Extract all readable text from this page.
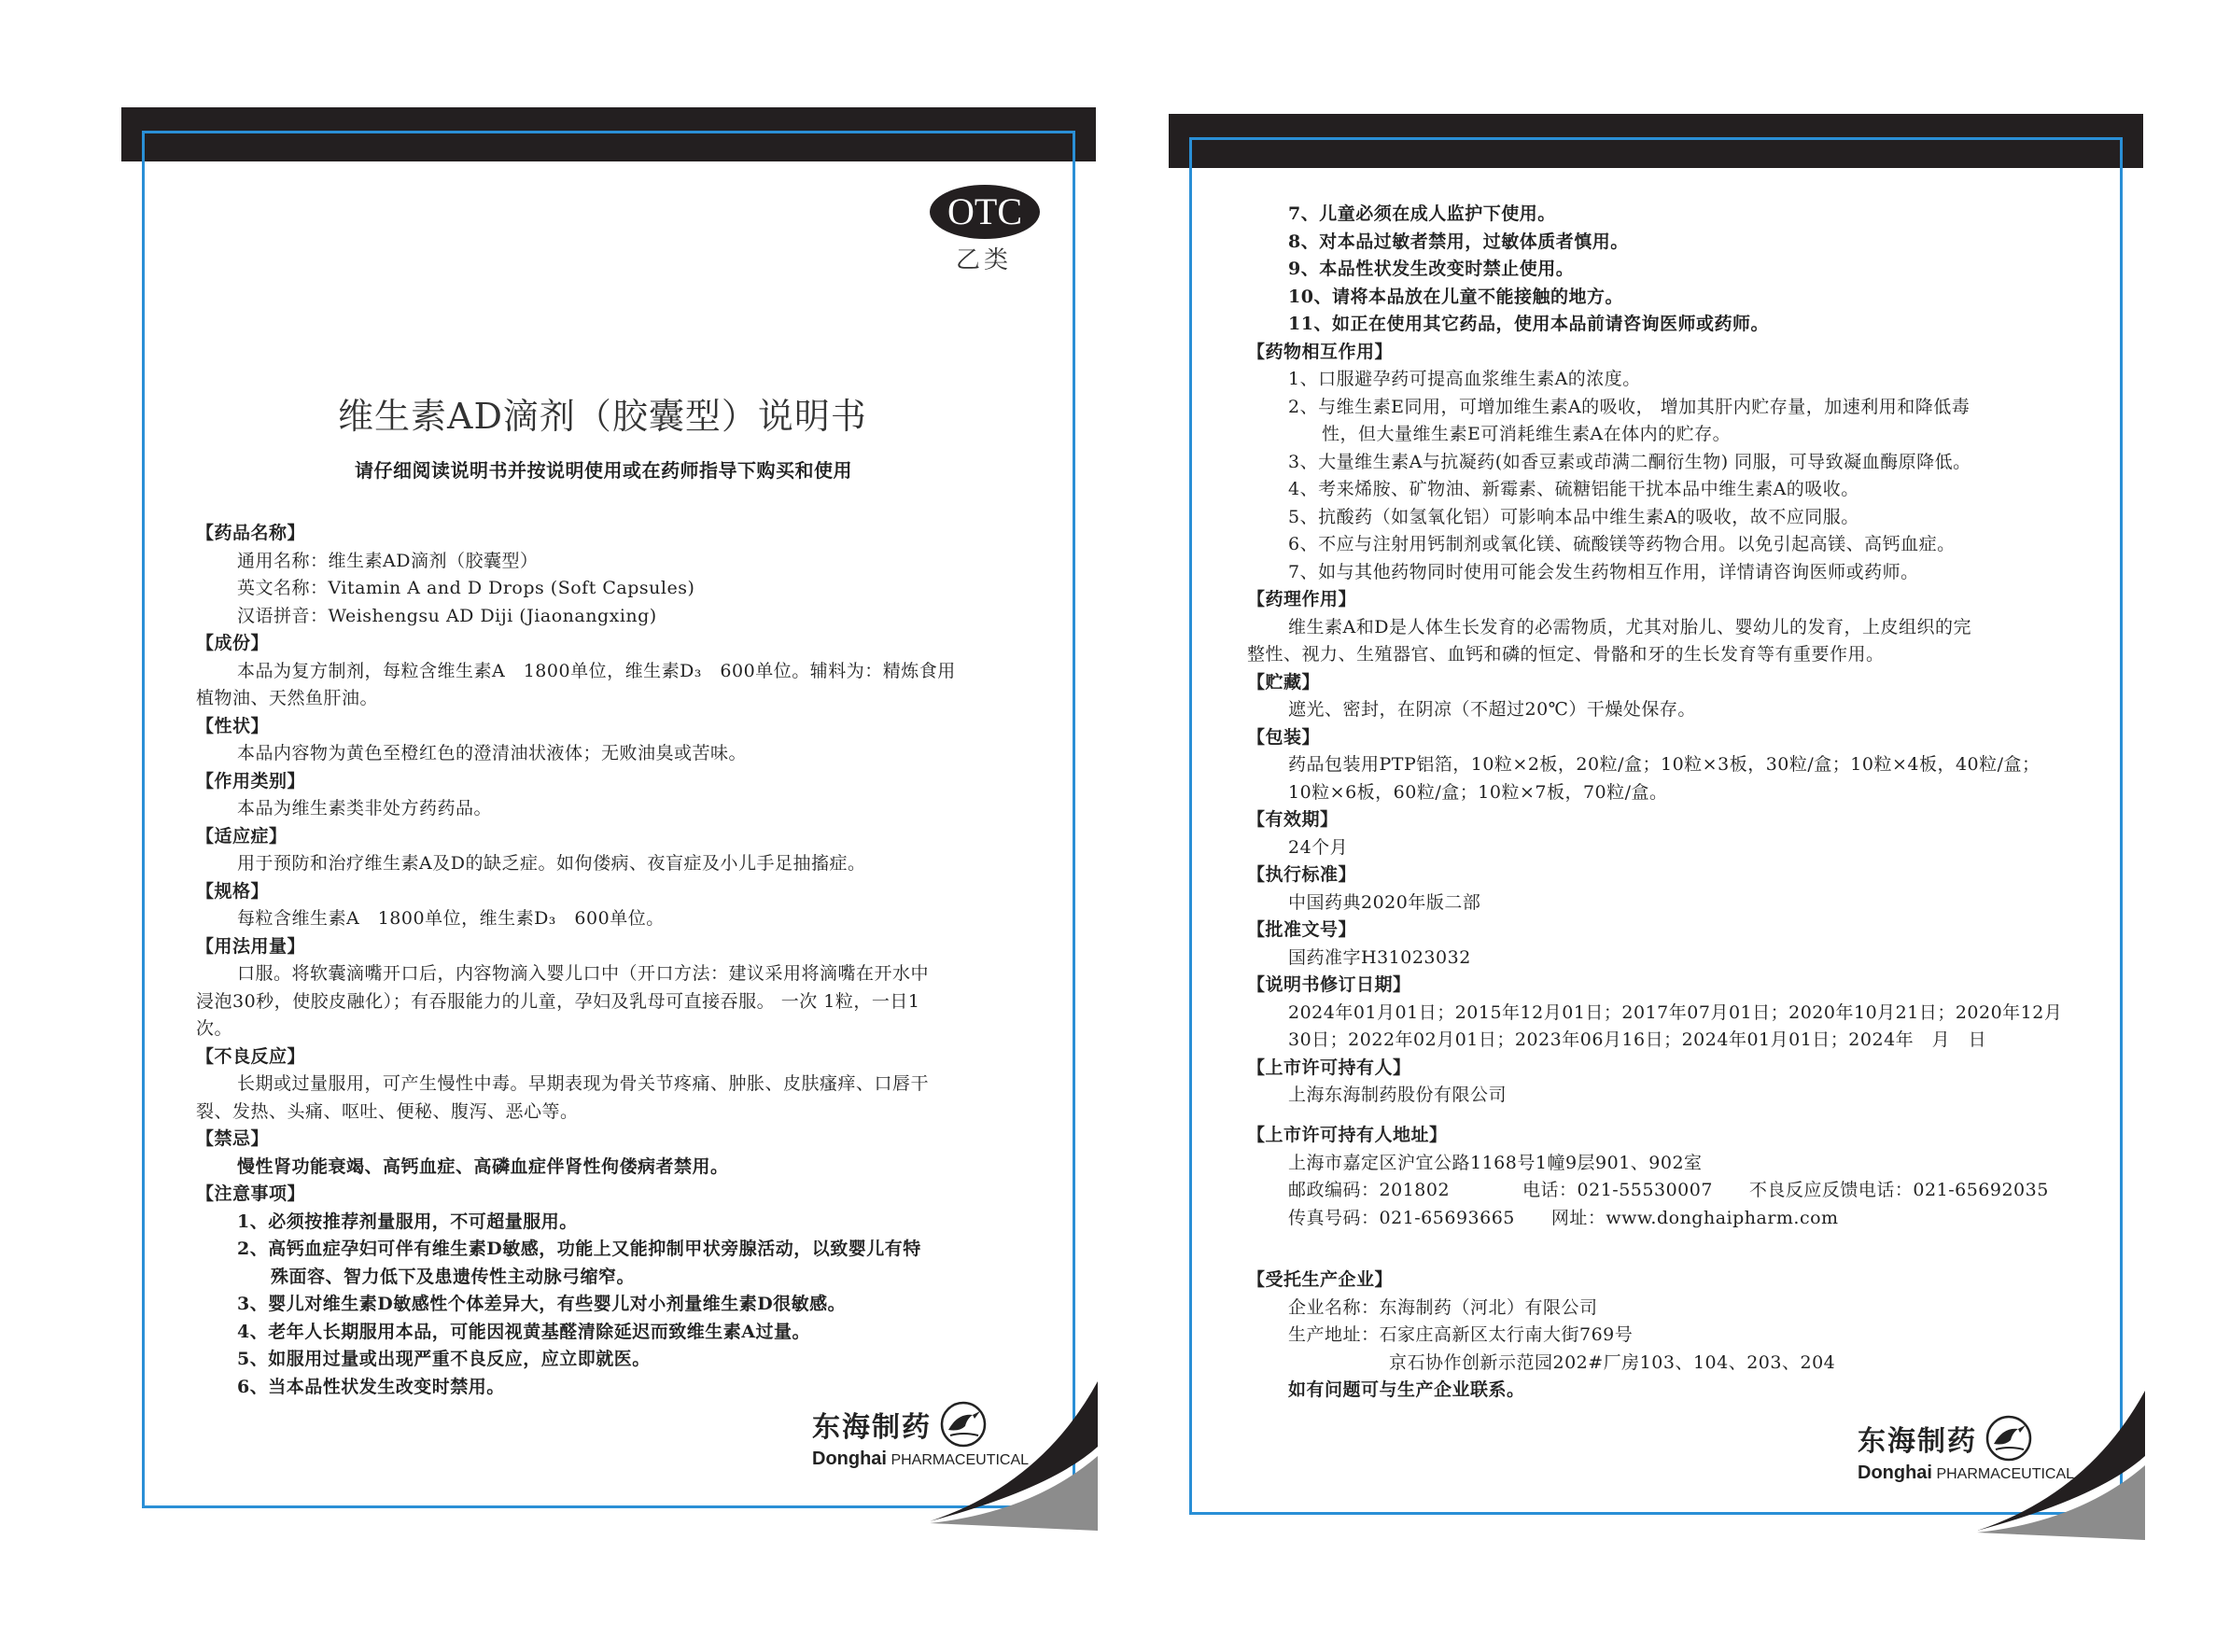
OTC
乙类
维生素AD滴剂（胶囊型）说明书
请仔细阅读说明书并按说明使用或在药师指导下购买和使用

【药品名称】

通用名称：维生素AD滴剂（胶囊型）

英文名称：Vitamin A and D Drops (Soft Capsules)

汉语拼音：Weishengsu AD Diji (Jiaonangxing)

【成份】

本品为复方制剂，每粒含维生素A　1800单位，维生素D₃　600单位。辅料为：精炼食用

植物油、天然鱼肝油。

【性状】

本品内容物为黄色至橙红色的澄清油状液体；无败油臭或苦味。

【作用类别】

本品为维生素类非处方药药品。

【适应症】

用于预防和治疗维生素A及D的缺乏症。如佝偻病、夜盲症及小儿手足抽搐症。

【规格】

每粒含维生素A　1800单位，维生素D₃　600单位。

【用法用量】

口服。将软囊滴嘴开口后，内容物滴入婴儿口中（开口方法：建议采用将滴嘴在开水中

浸泡30秒，使胶皮融化）；有吞服能力的儿童，孕妇及乳母可直接吞服。 一次 1粒，一日1

次。

【不良反应】

长期或过量服用，可产生慢性中毒。早期表现为骨关节疼痛、肿胀、皮肤瘙痒、口唇干

裂、发热、头痛、呕吐、便秘、腹泻、恶心等。

【禁忌】

慢性肾功能衰竭、高钙血症、高磷血症伴肾性佝偻病者禁用。

【注意事项】

1、必须按推荐剂量服用，不可超量服用。

2、高钙血症孕妇可伴有维生素D敏感，功能上又能抑制甲状旁腺活动，以致婴儿有特

殊面容、智力低下及患遗传性主动脉弓缩窄。

3、婴儿对维生素D敏感性个体差异大，有些婴儿对小剂量维生素D很敏感。

4、老年人长期服用本品，可能因视黄基醛清除延迟而致维生素A过量。

5、如服用过量或出现严重不良反应，应立即就医。

6、当本品性状发生改变时禁用。

东海制药
Donghai PHARMACEUTICAL

7、儿童必须在成人监护下使用。

8、对本品过敏者禁用，过敏体质者慎用。

9、本品性状发生改变时禁止使用。

10、请将本品放在儿童不能接触的地方。

11、如正在使用其它药品，使用本品前请咨询医师或药师。

【药物相互作用】

1、口服避孕药可提高血浆维生素A的浓度。

2、与维生素E同用，可增加维生素A的吸收， 增加其肝内贮存量，加速利用和降低毒

性，但大量维生素E可消耗维生素A在体内的贮存。

3、大量维生素A与抗凝药(如香豆素或茚满二酮衍生物) 同服，可导致凝血酶原降低。

4、考来烯胺、矿物油、新霉素、硫糖铝能干扰本品中维生素A的吸收。

5、抗酸药（如氢氧化铝）可影响本品中维生素A的吸收，故不应同服。

6、不应与注射用钙制剂或氧化镁、硫酸镁等药物合用。以免引起高镁、高钙血症。

7、如与其他药物同时使用可能会发生药物相互作用，详情请咨询医师或药师。

【药理作用】

维生素A和D是人体生长发育的必需物质，尤其对胎儿、婴幼儿的发育，上皮组织的完

整性、视力、生殖器官、血钙和磷的恒定、骨骼和牙的生长发育等有重要作用。

【贮藏】

遮光、密封，在阴凉（不超过20℃）干燥处保存。

【包装】

药品包装用PTP铝箔，10粒×2板，20粒/盒；10粒×3板，30粒/盒；10粒×4板，40粒/盒；

10粒×6板，60粒/盒；10粒×7板，70粒/盒。

【有效期】

24个月

【执行标准】

中国药典2020年版二部

【批准文号】

国药准字H31023032

【说明书修订日期】

2024年01月01日；2015年12月01日；2017年07月01日；2020年10月21日；2020年12月

30日；2022年02月01日；2023年06月16日；2024年01月01日；2024年　月　日

【上市许可持有人】

上海东海制药股份有限公司

【上市许可持有人地址】

上海市嘉定区沪宜公路1168号1幢9层901、902室

邮政编码：201802　　　　电话：021-55530007　　不良反应反馈电话：021-65692035

传真号码：021-65693665　　网址：www.donghaipharm.com

【受托生产企业】

企业名称：东海制药（河北）有限公司

生产地址：石家庄高新区太行南大街769号

京石协作创新示范园202#厂房103、104、203、204

如有问题可与生产企业联系。

东海制药
Donghai PHARMACEUTICAL
